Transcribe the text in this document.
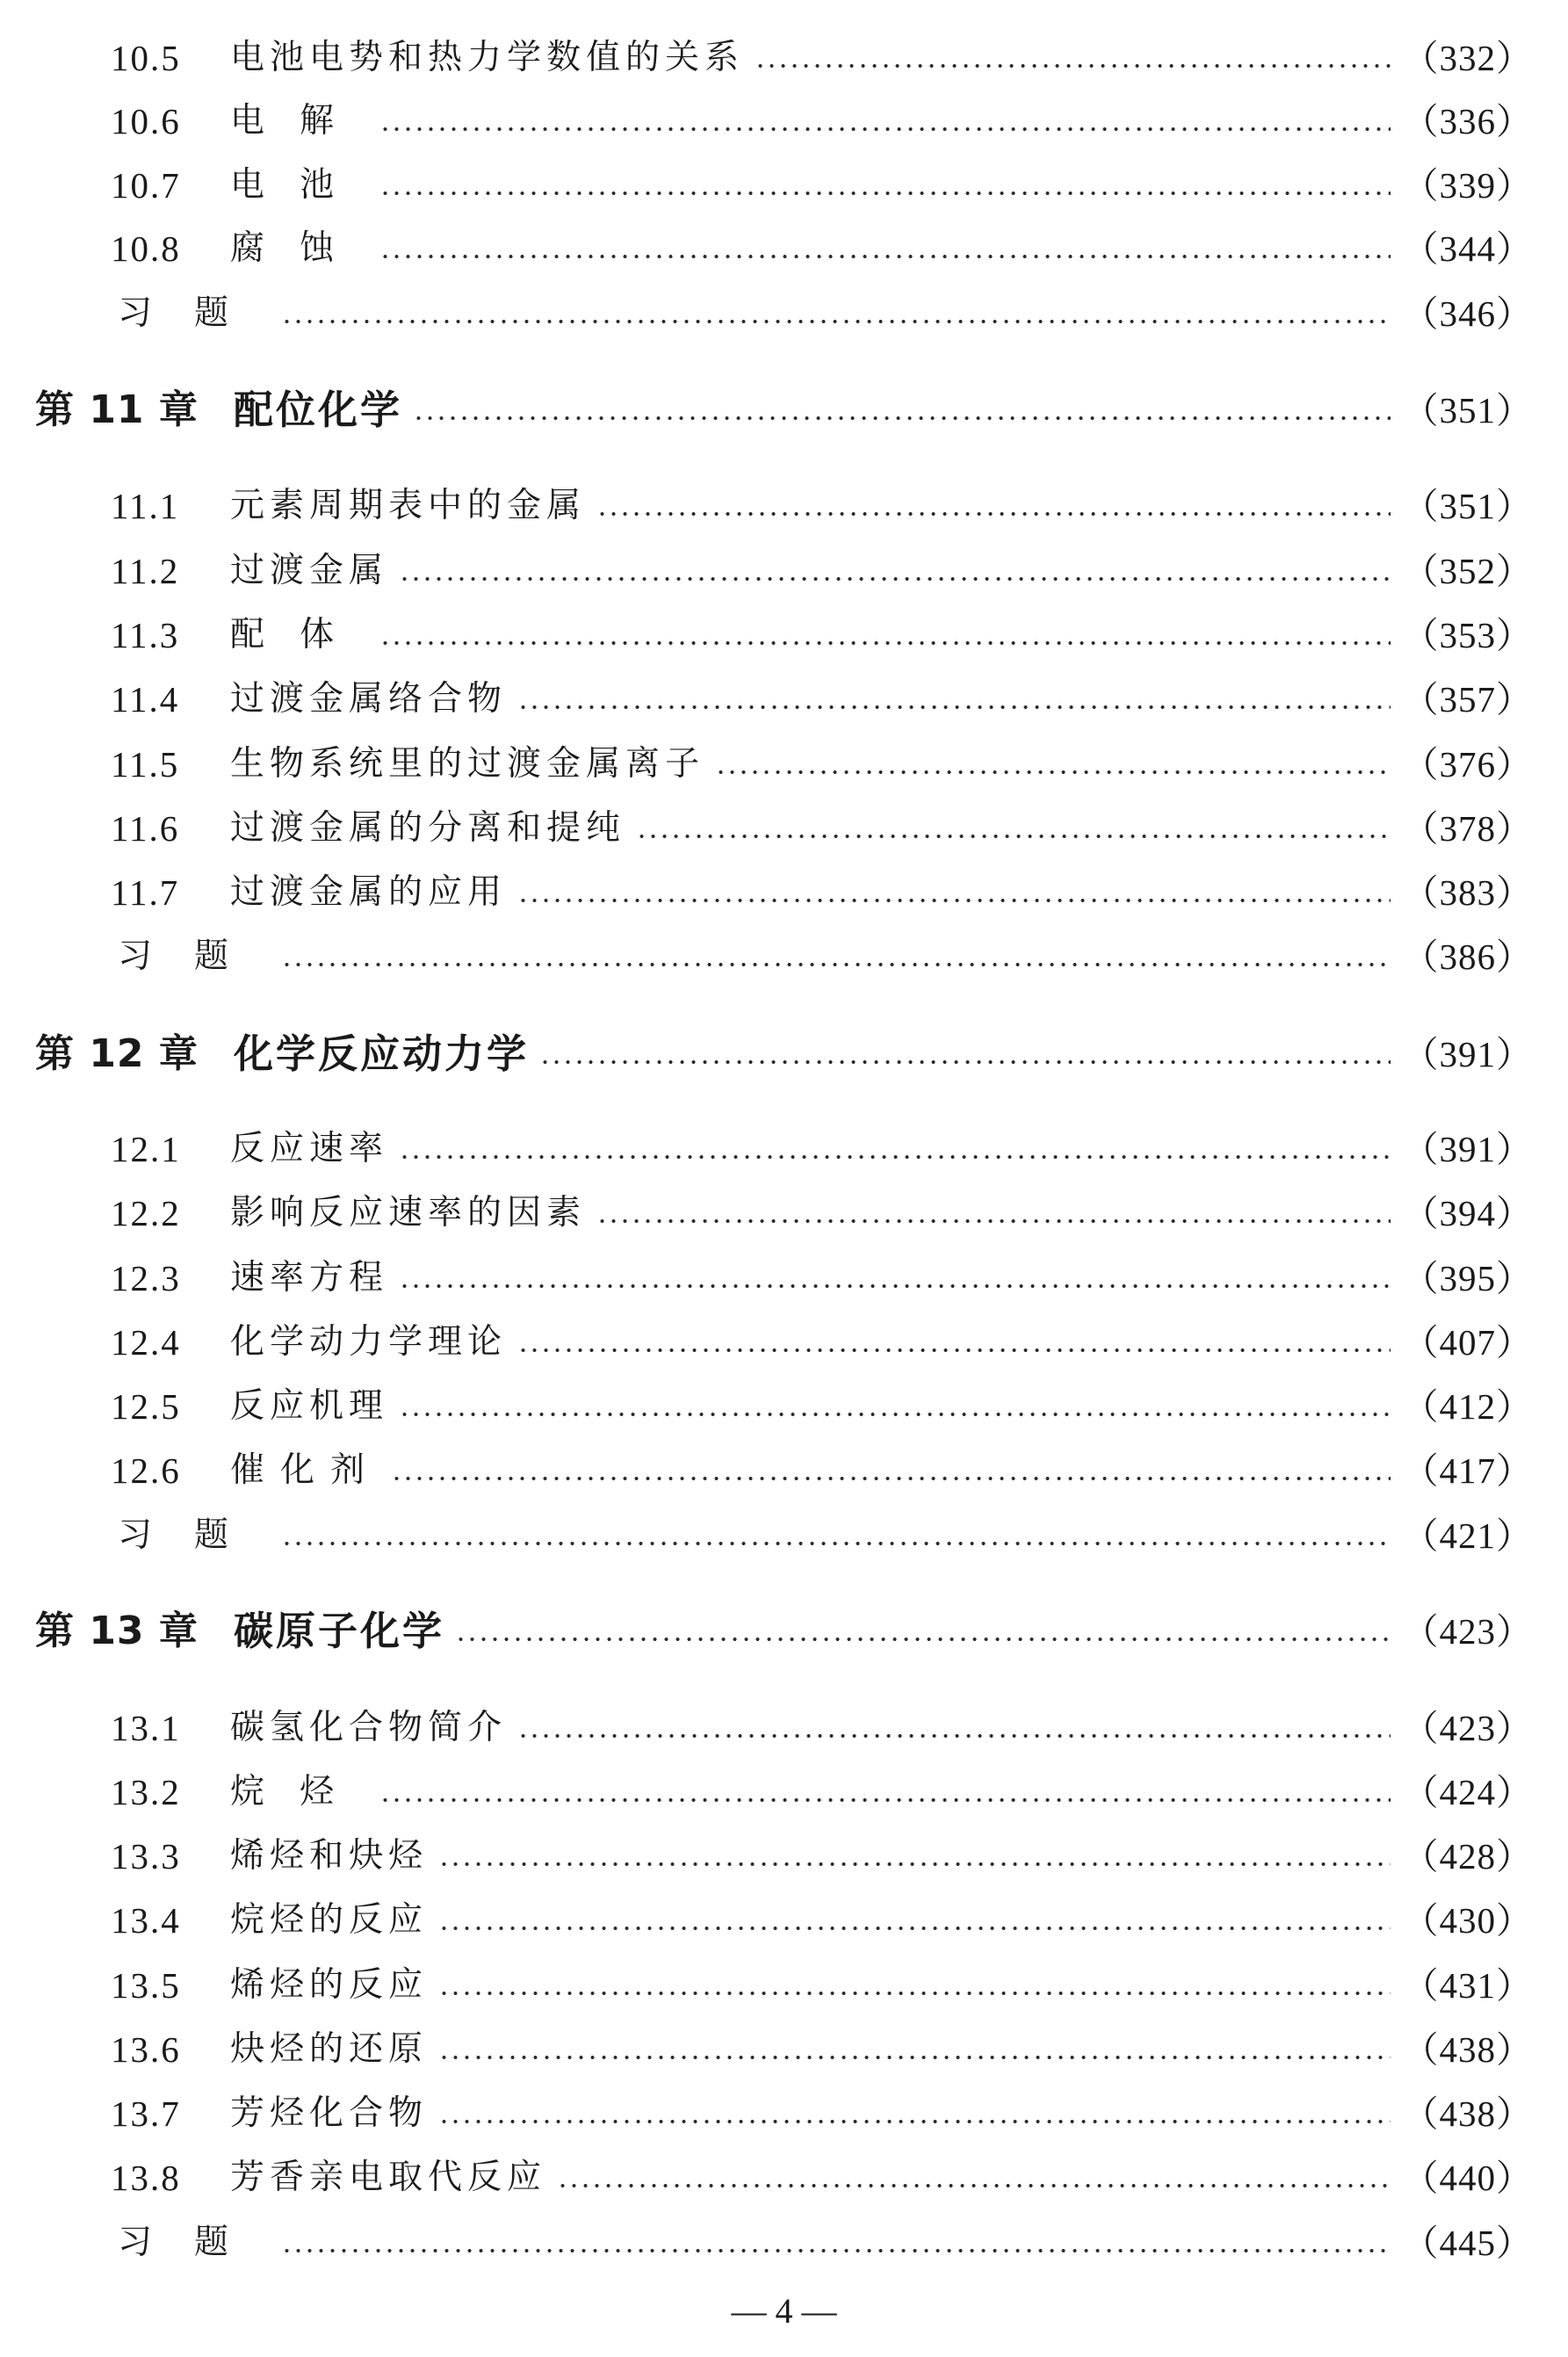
10.5 电池电势和热力学数值的关系	（332）
10.6 电解	（336）
10.7 电池	（339）
10.8 腐蚀	（344）
习题	（346）
第 11 章 配位化学	（351）
11.1 元素周期表中的金属	（351）
11.2 过渡金属	（352）
11.3 配体	（353）
11.4 过渡金属络合物	（357）
11.5 生物系统里的过渡金属离子	（376）
11.6 过渡金属的分离和提纯	（378）
11.7 过渡金属的应用	（383）
习题	（386）
第 12 章 化学反应动力学	（391）
12.1 反应速率	（391）
12.2 影响反应速率的因素	（394）
12.3 速率方程	（395）
12.4 化学动力学理论	（407）
12.5 反应机理	（412）
12.6 催化剂	（417）
习题	（421）
第 13 章 碳原子化学	（423）
13.1 碳氢化合物简介	（423）
13.2 烷烃	（424）
13.3 烯烃和炔烃	（428）
13.4 烷烃的反应	（430）
13.5 烯烃的反应	（431）
13.6 炔烃的还原	（438）
13.7 芳烃化合物	（438）
13.8 芳香亲电取代反应	（440）
习题	（445）
— 4 —
